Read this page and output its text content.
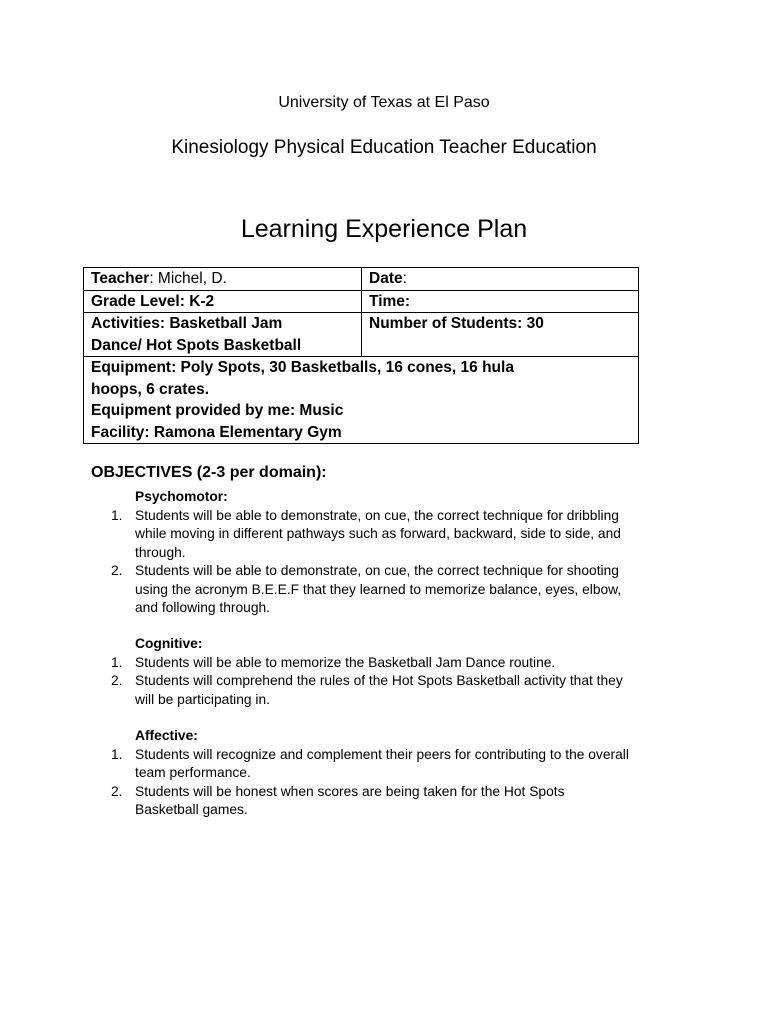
University of Texas at El Paso
Kinesiology Physical Education Teacher Education
Learning Experience Plan
Teacher: Michel, D.	Date:
Grade Level: K-2	Time:

Activities: Basketball Jam
Dance/ Hot Spots Basketball	Number of Students: 30

Equipment: Poly Spots, 30 Basketballs, 16 cones, 16 hula
hoops, 6 crates.
Equipment provided by me: Music
Facility: Ramona Elementary Gym	
OBJECTIVES (2-3 per domain):
Psychomotor:
1. Students will be able to demonstrate, on cue, the correct technique for dribbling
while moving in different pathways such as forward, backward, side to side, and
through.
2. Students will be able to demonstrate, on cue, the correct technique for shooting
using the acronym B.E.E.F that they learned to memorize balance, eyes, elbow,
and following through.
Cognitive:
1. Students will be able to memorize the Basketball Jam Dance routine.
2. Students will comprehend the rules of the Hot Spots Basketball activity that they
will be participating in.
Affective:
1. Students will recognize and complement their peers for contributing to the overall
team performance.
2. Students will be honest when scores are being taken for the Hot Spots
Basketball games.
